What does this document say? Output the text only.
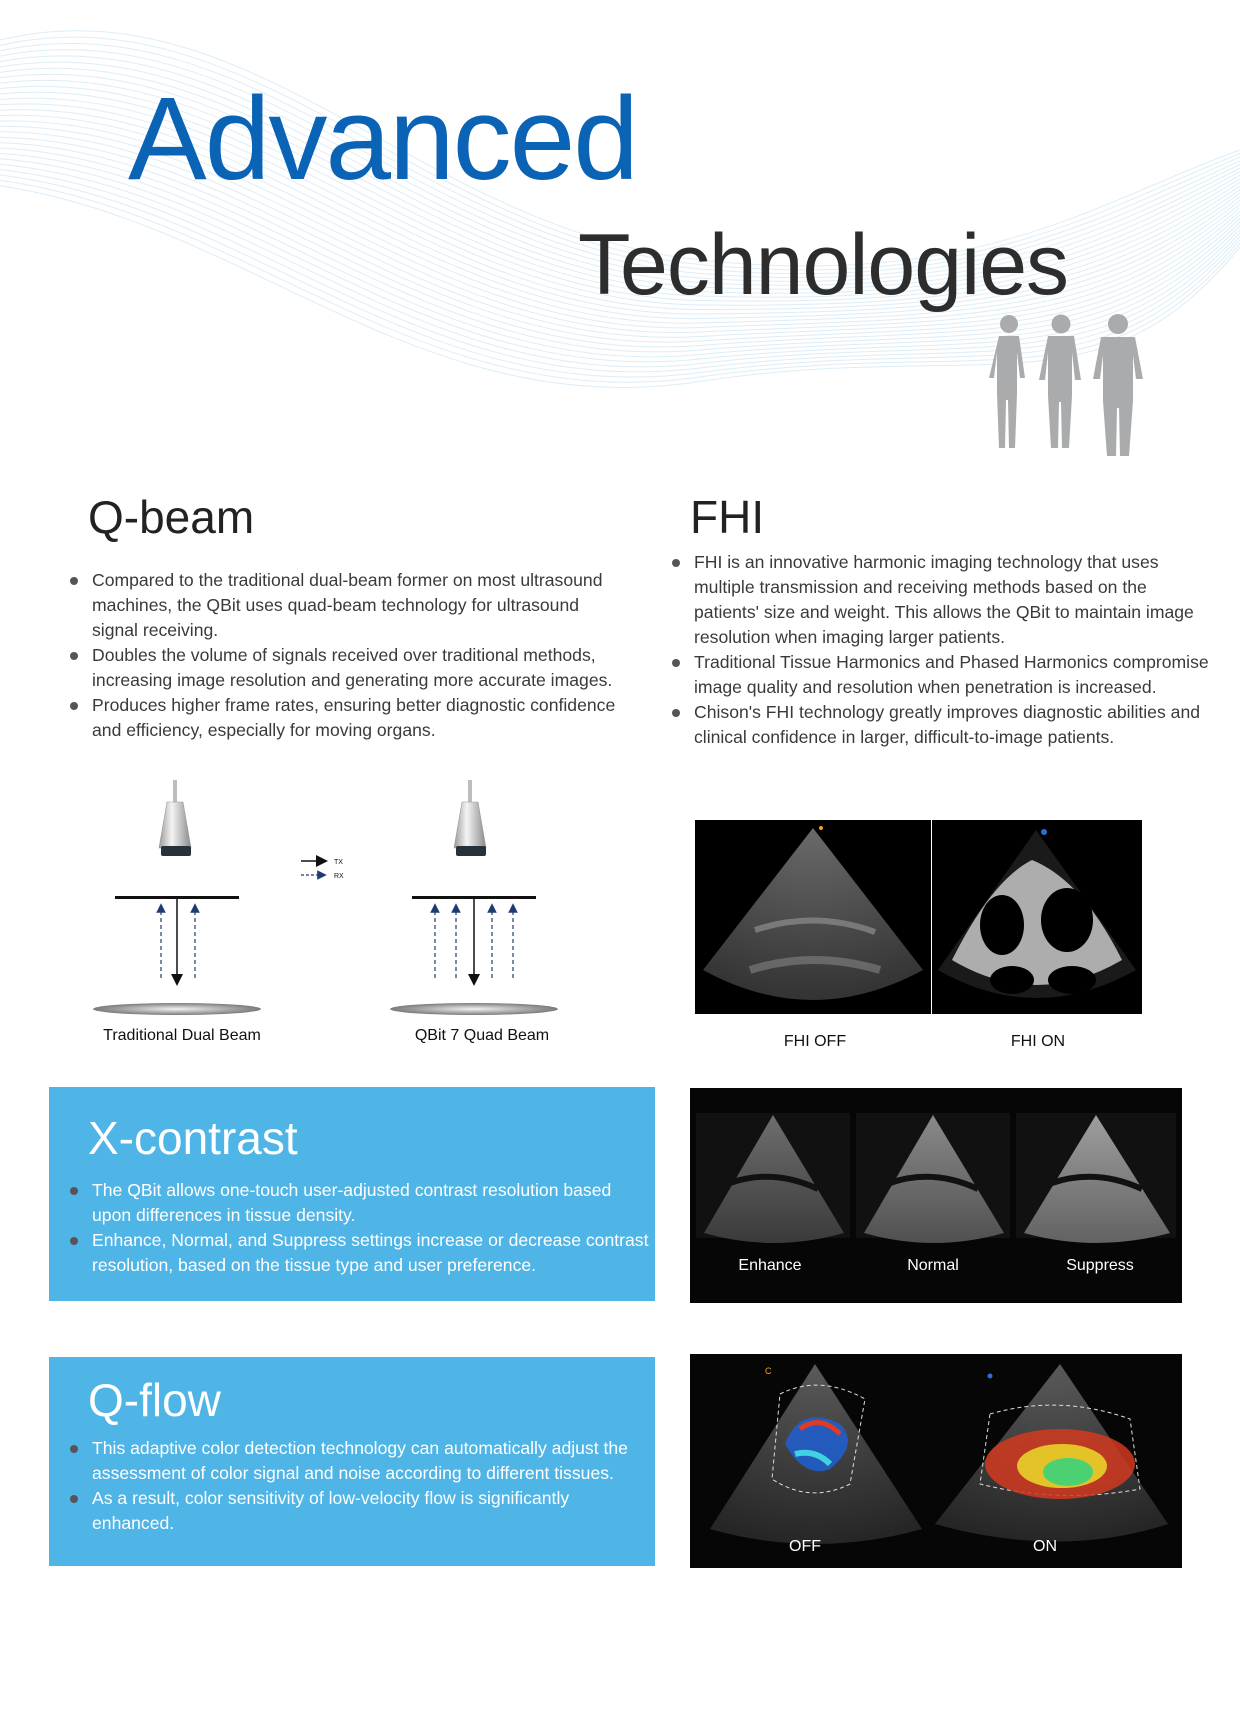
Advanced
Technologies
Q-beam
Compared to the traditional dual-beam former on most ultrasound machines, the QBit uses quad-beam technology for ultrasound signal receiving.
Doubles the volume of signals received over traditional methods, increasing image resolution and generating more accurate images.
Produces higher frame rates, ensuring better diagnostic confidence and efficiency, especially for moving organs.
FHI
FHI is an innovative harmonic imaging technology that uses multiple transmission and receiving methods based on the patients' size and weight. This allows the QBit to maintain image resolution when imaging larger patients.
Traditional Tissue Harmonics and Phased Harmonics compromise image quality and resolution when penetration is increased.
Chison's FHI technology greatly improves diagnostic abilities and clinical confidence in larger, difficult-to-image patients.
TX
RX
Traditional Dual Beam	QBit 7 Quad Beam	FHI OFF	FHI ON
X-contrast
The QBit allows one-touch user-adjusted contrast resolution based upon differences in tissue density.
Enhance, Normal, and Suppress settings increase or decrease contrast resolution, based on the tissue type and user preference.	Enhance	Normal	Suppress
Q-flow
This adaptive color detection technology can automatically adjust the assessment of color signal and noise according to different tissues.
As a result, color sensitivity of low-velocity flow is significantly enhanced.
C
OFF	ON
